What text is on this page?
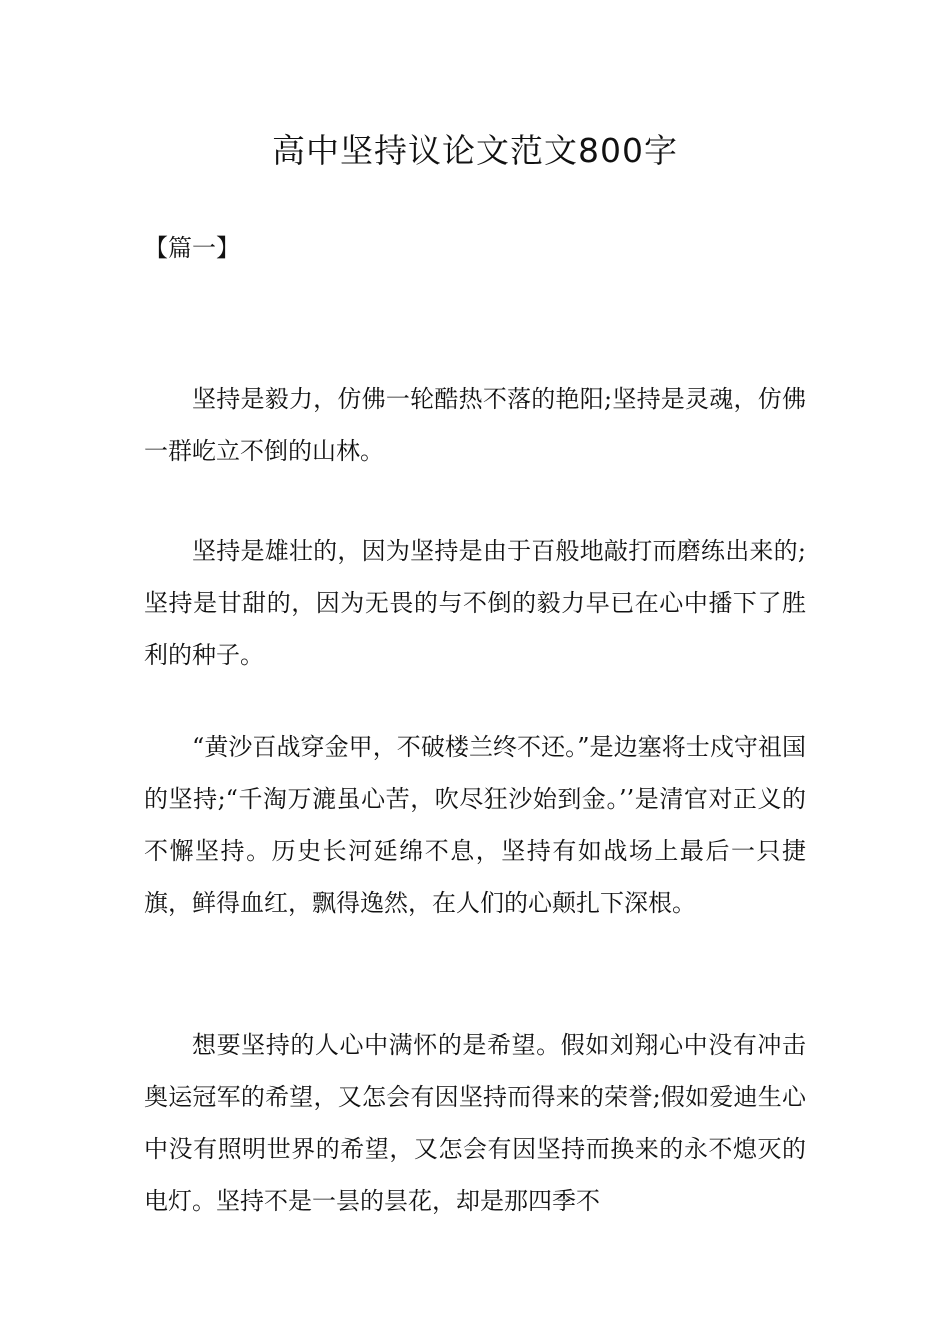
高中坚持议论文范文800字
【篇一】

坚持是毅力，仿佛一轮酷热不落的艳阳;坚持是灵魂，仿佛一群屹立不倒的山林。

坚持是雄壮的，因为坚持是由于百般地敲打而磨练出来的;坚持是甘甜的，因为无畏的与不倒的毅力早已在心中播下了胜利的种子。

“黄沙百战穿金甲，不破楼兰终不还。”是边塞将士戍守祖国的坚持;“千淘万漉虽心苦，吹尽狂沙始到金。’’是清官对正义的不懈坚持。历史长河延绵不息，坚持有如战场上最后一只捷旗，鲜得血红，飘得逸然，在人们的心颠扎下深根。

想要坚持的人心中满怀的是希望。假如刘翔心中没有冲击奥运冠军的希望，又怎会有因坚持而得来的荣誉;假如爱迪生心中没有照明世界的希望，又怎会有因坚持而换来的永不熄灭的电灯。坚持不是一昙的昙花，却是那四季不
